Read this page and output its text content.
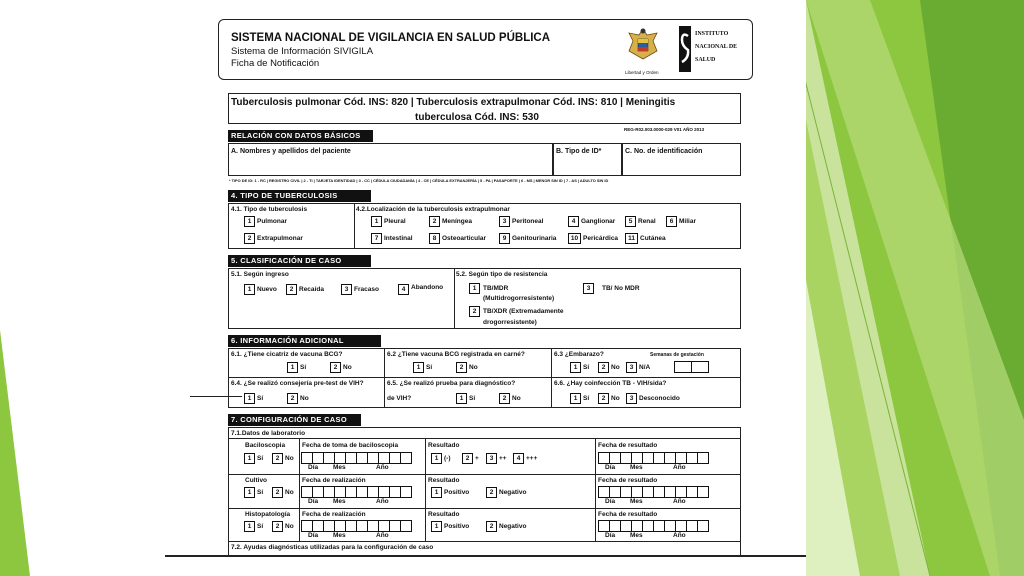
SISTEMA NACIONAL DE VIGILANCIA EN SALUD PÚBLICA
Sistema de Información SIVIGILA
Ficha de Notificación
Libertad y Orden
INSTITUTO
NACIONAL DE
SALUD
Tuberculosis pulmonar Cód. INS: 820 | Tuberculosis extrapulmonar Cód. INS: 810 | Meningitis
tuberculosa Cód. INS: 530
RELACIÓN CON DATOS BÁSICOS
REG-R02.003.0000-029 V01 AÑO 2013
A. Nombres y apellidos del paciente	B. Tipo de ID*	C. No. de identificación
* TIPO DE ID: 1 - RC | REGISTRO CIVIL | 2 - TI | TARJETA IDENTIDAD | 3 - CC | CÉDULA CIUDADANÍA | 4 - CE | CÉDULA EXTRANJERÍA | 5 - PA | PASAPORTE | 6 - MS | MENOR SIN ID | 7 - AS | ADULTO SIN ID
4. TIPO DE TUBERCULOSIS
4.1. Tipo de tuberculosis
1 Pulmonar
2 Extrapulmonar
4.2.Localización de la tuberculosis extrapulmonar
1 Pleural	2 Meníngea	3 Peritoneal	4 Ganglionar	5 Renal	6 Miliar
7 Intestinal	8 Osteoarticular	9 Genitourinaria	10 Pericárdica	11 Cutánea
5. CLASIFICACIÓN DE CASO
5.1. Según ingreso
1 Nuevo	2 Recaída	3 Fracaso	4 Abandono
5.2. Según tipo de resistencia
1	TB/MDR
(Multidrogorresistente)
2	TB/XDR (Extremadamente
drogorresistente)
3	TB/ No MDR
6. INFORMACIÓN ADICIONAL
6.1. ¿Tiene cicatriz de vacuna BCG?
1 Sí	2 No
6.2 ¿Tiene vacuna BCG registrada en carné?
1 Sí	2 No
6.3 ¿Embarazo?	Semanas de gestación
1 Sí	2 No	3 N/A
6.4. ¿Se realizó consejería pre-test de VIH?
1 Sí	2 No
6.5. ¿Se realizó prueba para diagnóstico?
de VIH?	1 Sí	2 No
6.6. ¿Hay coinfección TB - VIH/sida?
1 Sí	2 No	3 Desconocido
7. CONFIGURACIÓN DE CASO
7.1.Datos de laboratorio
Baciloscopia
1 Sí	2 No
Fecha de toma de baciloscopia
Día Mes	Año
Resultado
1 (-)	2 +	3 ++	4 +++
Fecha de resultado
Día Mes	Año
Cultivo
1 Sí	2 No
Fecha de realización
Día Mes	Año
Resultado
1 Positivo	2 Negativo
Fecha de resultado
Día Mes	Año
Histopatología
1 Sí	2 No
Fecha de realización
Día Mes	Año
Resultado
1 Positivo	2 Negativo
Fecha de resultado
Día Mes	Año
7.2. Ayudas diagnósticas utilizadas para la configuración de caso
